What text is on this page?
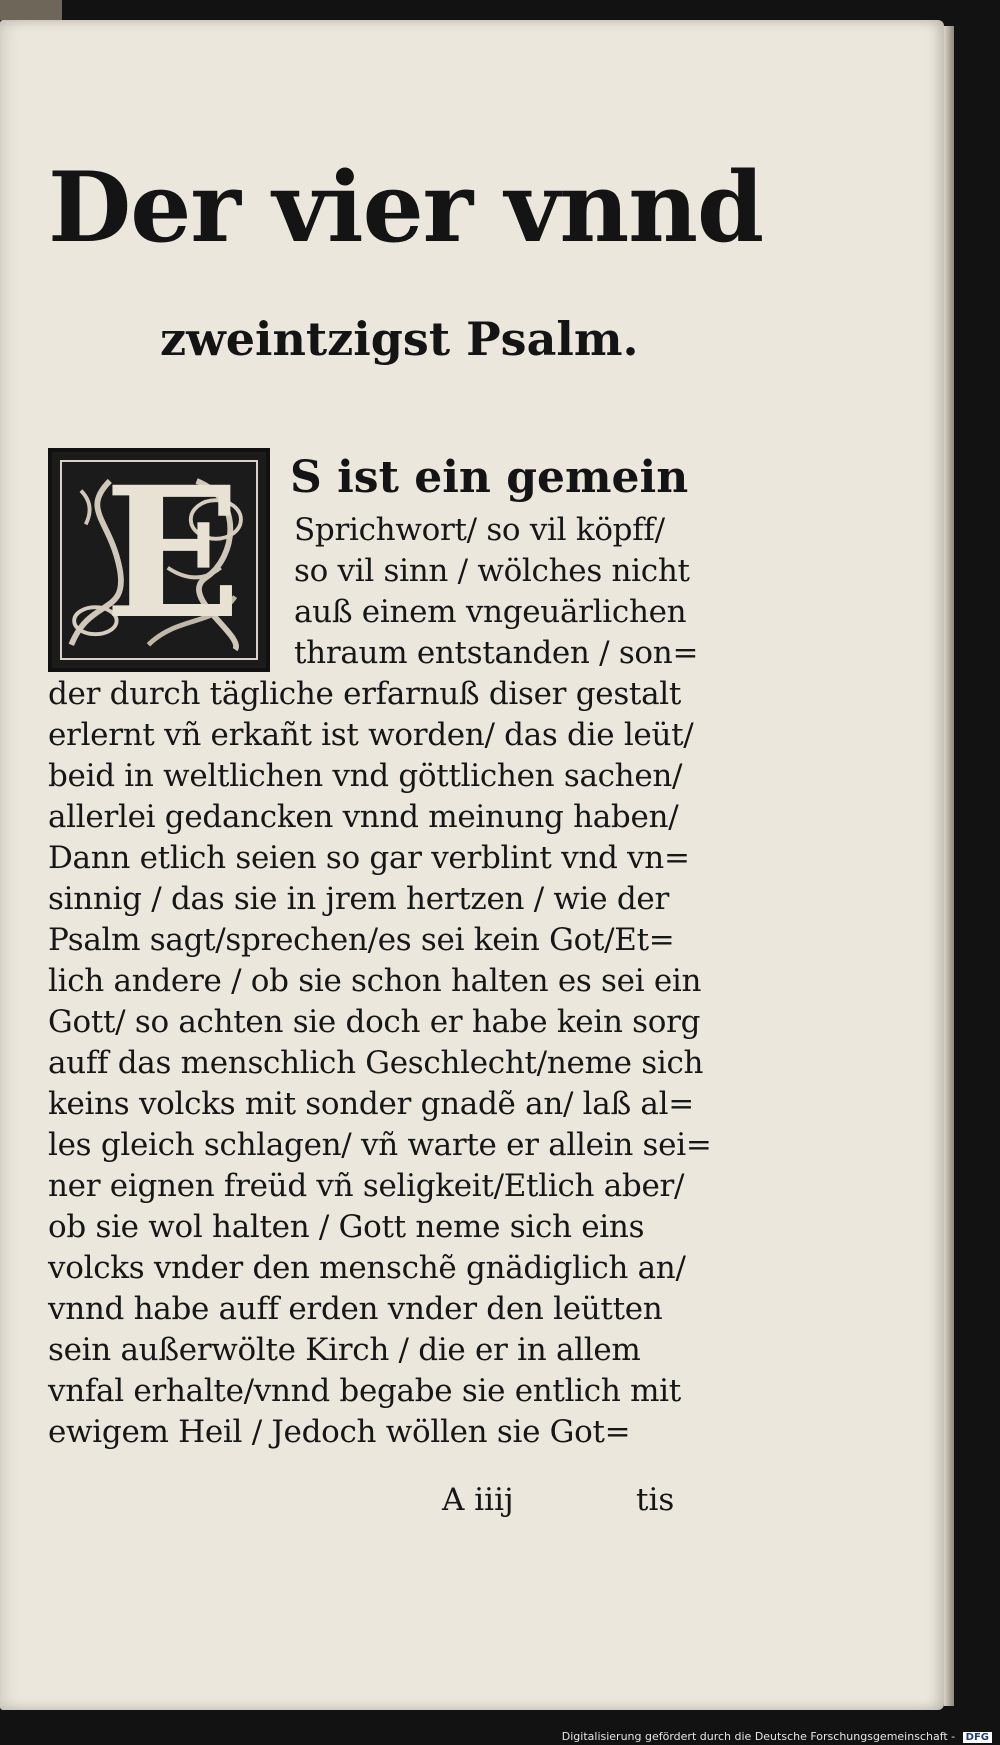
Der vier vnnd
zweintzigst Psalm.
E S ist ein gemein
Sprichwort/ so vil köpff/
so vil sinn / wölches nicht
auß einem vngeuärlichen
thraum entstanden / son=
der durch tägliche erfarnuß diser gestalt
erlernt vñ erkañt ist worden/ das die leüt/
beid in weltlichen vnd göttlichen sachen/
allerlei gedancken vnnd meinung haben/
Dann etlich seien so gar verblint vnd vn=
sinnig / das sie in jrem hertzen / wie der
Psalm sagt/sprechen/es sei kein Got/Et=
lich andere / ob sie schon halten es sei ein
Gott/ so achten sie doch er habe kein sorg
auff das menschlich Geschlecht/neme sich
keins volcks mit sonder gnadẽ an/ laß al=
les gleich schlagen/ vñ warte er allein sei=
ner eignen freüd vñ seligkeit/Etlich aber/
ob sie wol halten / Gott neme sich eins
volcks vnder den menschẽ gnädiglich an/
vnnd habe auff erden vnder den leütten
sein außerwölte Kirch / die er in allem
vnfal erhalte/vnnd begabe sie entlich mit
ewigem Heil / Jedoch wöllen sie Got=
A iiij	tis
Digitalisierung gefördert durch die Deutsche Forschungsgemeinschaft - DFG
